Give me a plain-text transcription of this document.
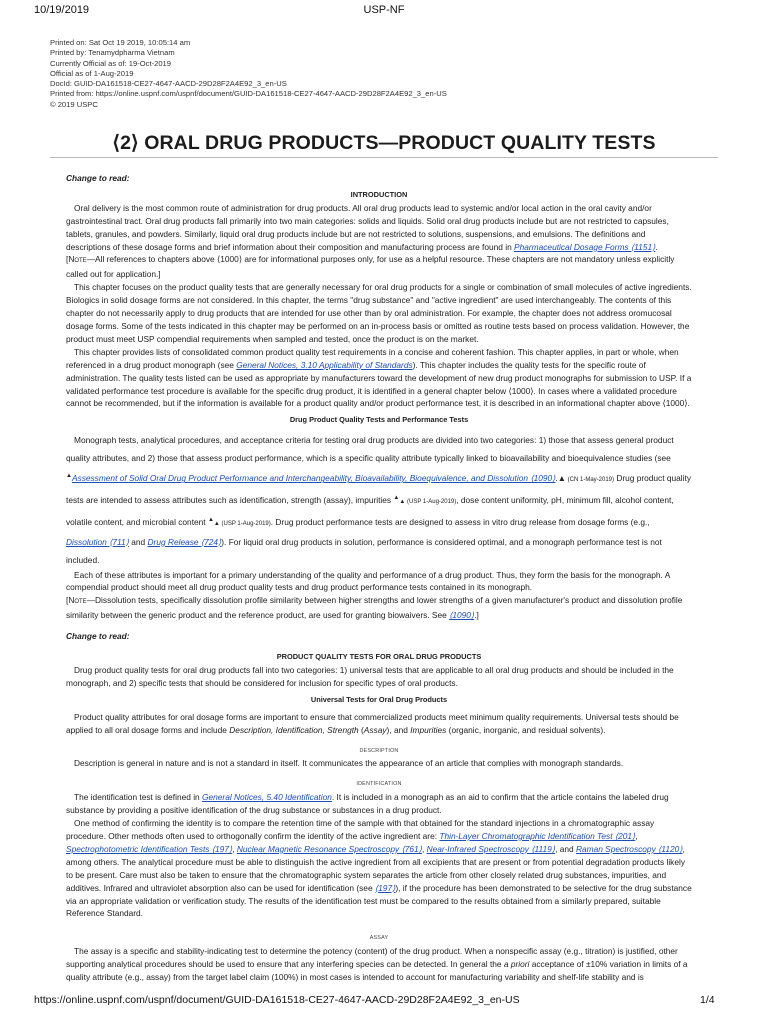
10/19/2019	USP-NF
Printed on: Sat Oct 19 2019, 10:05:14 am
Printed by: Tenamydpharma Vietnam
Currently Official as of: 19-Oct-2019
Official as of 1-Aug-2019
DocId: GUID-DA161518-CE27-4647-AACD-29D28F2A4E92_3_en-US
Printed from: https://online.uspnf.com/uspnf/document/GUID-DA161518-CE27-4647-AACD-29D28F2A4E92_3_en-US
© 2019 USPC
⟨2⟩ ORAL DRUG PRODUCTS—PRODUCT QUALITY TESTS

Change to read:

INTRODUCTION

Oral delivery is the most common route of administration for drug products. All oral drug products lead to systemic and/or local action in the oral cavity and/or gastrointestinal tract. Oral drug products fall primarily into two main categories: solids and liquids. Solid oral drug products include but are not restricted to capsules, tablets, granules, and powders. Similarly, liquid oral drug products include but are not restricted to solutions, suspensions, and emulsions. The definitions and descriptions of these dosage forms and brief information about their composition and manufacturing process are found in Pharmaceutical Dosage Forms ⟨1151⟩.

[NOTE—All references to chapters above ⟨1000⟩ are for informational purposes only, for use as a helpful resource. These chapters are not mandatory unless explicitly called out for application.]

This chapter focuses on the product quality tests that are generally necessary for oral drug products for a single or combination of small molecules of active ingredients. Biologics in solid dosage forms are not considered. In this chapter, the terms "drug substance" and "active ingredient" are used interchangeably. The contents of this chapter do not necessarily apply to drug products that are intended for use other than by oral administration. For example, the chapter does not address oromucosal dosage forms. Some of the tests indicated in this chapter may be performed on an in-process basis or omitted as routine tests based on process validation. However, the product must meet USP compendial requirements when sampled and tested, once the product is on the market.

This chapter provides lists of consolidated common product quality test requirements in a concise and coherent fashion. This chapter applies, in part or whole, when referenced in a drug product monograph (see General Notices, 3.10 Applicability of Standards). This chapter includes the quality tests for the specific route of administration. The quality tests listed can be used as appropriate by manufacturers toward the development of new drug product monographs for submission to USP. If a validated performance test procedure is available for the specific drug product, it is identified in a general chapter below ⟨1000⟩. In cases where a validated procedure cannot be recommended, but if the information is available for a product quality and/or product performance test, it is described in an informational chapter above ⟨1000⟩.

Drug Product Quality Tests and Performance Tests

Monograph tests, analytical procedures, and acceptance criteria for testing oral drug products are divided into two categories: 1) those that assess general product quality attributes, and 2) those that assess product performance, which is a specific quality attribute typically linked to bioavailability and bioequivalence studies (see ▲Assessment of Solid Oral Drug Product Performance and Interchangeability, Bioavailability, Bioequivalence, and Dissolution ⟨1090⟩.▲ (CN 1-May-2019) Drug product quality tests are intended to assess attributes such as identification, strength (assay), impurities ▲▲ (USP 1-Aug-2019), dose content uniformity, pH, minimum fill, alcohol content, volatile content, and microbial content ▲▲ (USP 1-Aug-2019). Drug product performance tests are designed to assess in vitro drug release from dosage forms (e.g., Dissolution ⟨711⟩ and Drug Release ⟨724⟩). For liquid oral drug products in solution, performance is considered optimal, and a monograph performance test is not included.

Each of these attributes is important for a primary understanding of the quality and performance of a drug product. Thus, they form the basis for the monograph. A compendial product should meet all drug product quality tests and drug product performance tests contained in its monograph.

[NOTE—Dissolution tests, specifically dissolution profile similarity between higher strengths and lower strengths of a given manufacturer's product and dissolution profile similarity between the generic product and the reference product, are used for granting biowaivers. See ⟨1090⟩.]

Change to read:

PRODUCT QUALITY TESTS FOR ORAL DRUG PRODUCTS

Drug product quality tests for oral drug products fall into two categories: 1) universal tests that are applicable to all oral drug products and should be included in the monograph, and 2) specific tests that should be considered for inclusion for specific types of oral products.

Universal Tests for Oral Drug Products

Product quality attributes for oral dosage forms are important to ensure that commercialized products meet minimum quality requirements. Universal tests should be applied to all oral dosage forms and include Description, Identification, Strength (Assay), and Impurities (organic, inorganic, and residual solvents).

DESCRIPTION

Description is general in nature and is not a standard in itself. It communicates the appearance of an article that complies with monograph standards.

IDENTIFICATION

The identification test is defined in General Notices, 5.40 Identification. It is included in a monograph as an aid to confirm that the article contains the labeled drug substance by providing a positive identification of the drug substance or substances in a drug product.

One method of confirming the identity is to compare the retention time of the sample with that obtained for the standard injections in a chromatographic assay procedure. Other methods often used to orthogonally confirm the identity of the active ingredient are: Thin-Layer Chromatographic Identification Test ⟨201⟩, Spectrophotometric Identification Tests ⟨197⟩, Nuclear Magnetic Resonance Spectroscopy ⟨761⟩, Near-Infrared Spectroscopy ⟨1119⟩, and Raman Spectroscopy ⟨1120⟩, among others. The analytical procedure must be able to distinguish the active ingredient from all excipients that are present or from potential degradation products likely to be present. Care must also be taken to ensure that the chromatographic system separates the article from other closely related drug substances, impurities, and additives. Infrared and ultraviolet absorption also can be used for identification (see ⟨197⟩), if the procedure has been demonstrated to be selective for the drug substance via an appropriate validation or verification study. The results of the identification test must be compared to the results obtained from a similarly prepared, suitable Reference Standard.

ASSAY

The assay is a specific and stability-indicating test to determine the potency (content) of the drug product. When a nonspecific assay (e.g., titration) is justified, other supporting analytical procedures should be used to ensure that any interfering species can be detected. In general the a priori acceptance of ±10% variation in limits of a quality attribute (e.g., assay) from the target label claim (100%) in most cases is intended to account for manufacturing variability and shelf-life stability and is

https://online.uspnf.com/uspnf/document/GUID-DA161518-CE27-4647-AACD-29D28F2A4E92_3_en-US	1/4
